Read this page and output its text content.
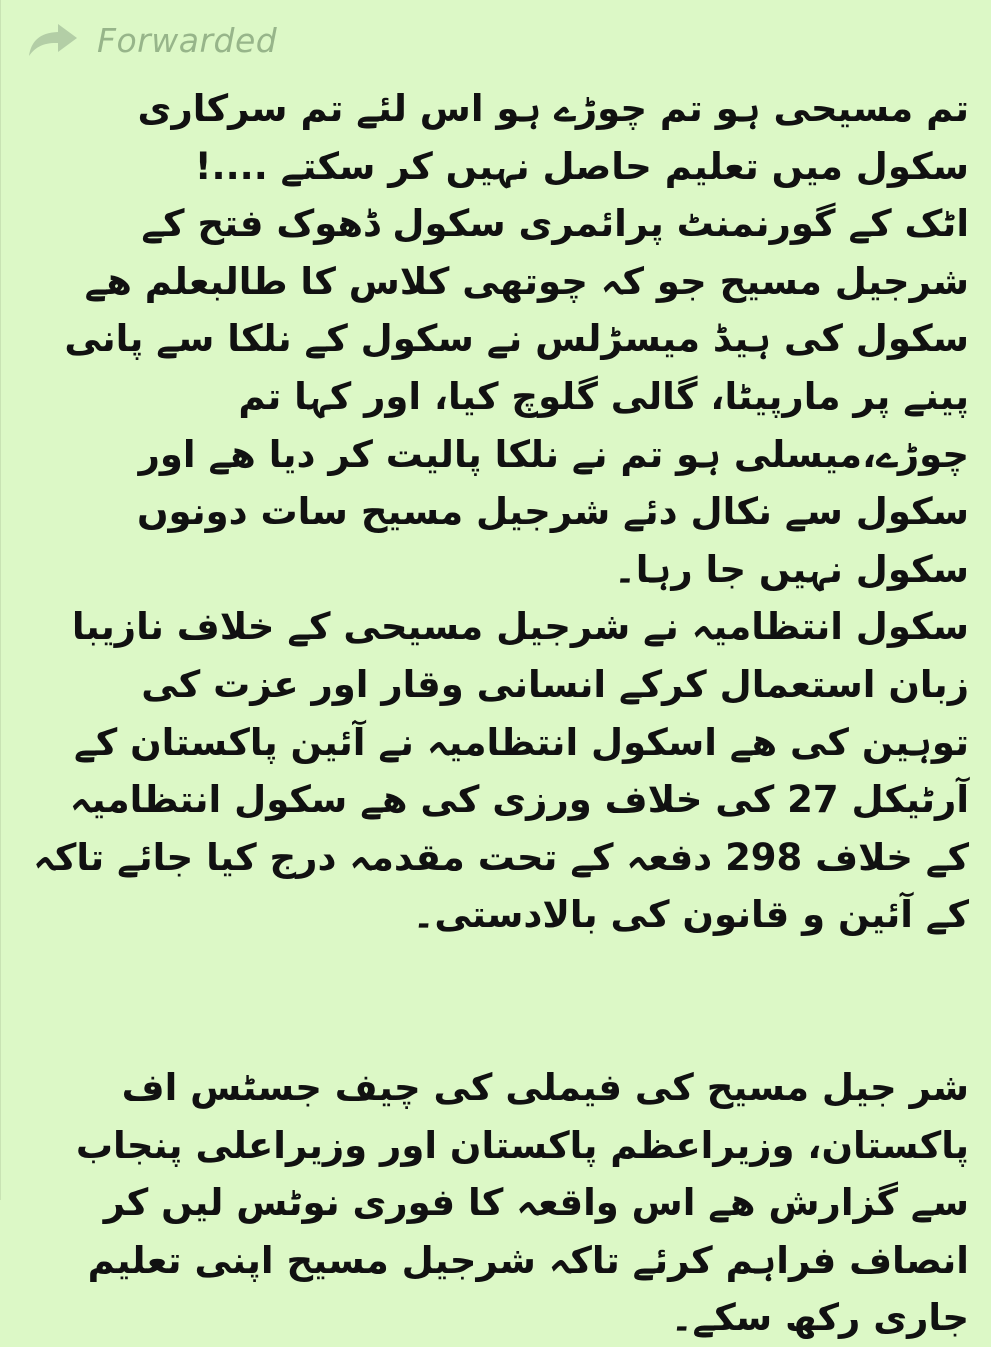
Forwarded

تم مسیحی ہو تم چوڑے ہو اس لئے تم سرکاری سکول میں تعلیم حاصل نہیں کر سکتے ....!

اٹک کے گورنمنٹ پرائمری سکول ڈھوک فتح کے شرجیل مسیح جو کہ چوتھی کلاس کا طالبعلم ھے سکول کی ہیڈ میسڑلس نے سکول کے نلکا سے پانی پینے پر مارپیٹا، گالی گلوچ کیا، اور کہا تم چوڑے،میسلی ہو تم نے نلکا پالیت کر دیا ھے اور سکول سے نکال دئے شرجیل مسیح سات دونوں سکول نہیں جا رہا۔

سکول انتظامیہ نے شرجیل مسیحی کے خلاف نازیبا زبان استعمال کرکے انسانی وقار اور عزت کی توہین کی ھے اسکول انتظامیہ نے آئین پاکستان کے آرٹیکل 27 کی خلاف ورزی کی ھے سکول انتظامیہ کے خلاف 298 دفعہ کے تحت مقدمہ درج کیا جائے تاکہ کے آئین و قانون کی بالادستی۔

شر جیل مسیح کی فیملی کی چیف جسٹس اف پاکستان، وزیراعظم پاکستان اور وزیراعلی پنجاب سے گزارش ھے اس واقعہ کا فوری نوٹس لیں کر انصاف فراہم کرئے تاکہ شرجیل مسیح اپنی تعلیم جاری رکھ سکے۔
